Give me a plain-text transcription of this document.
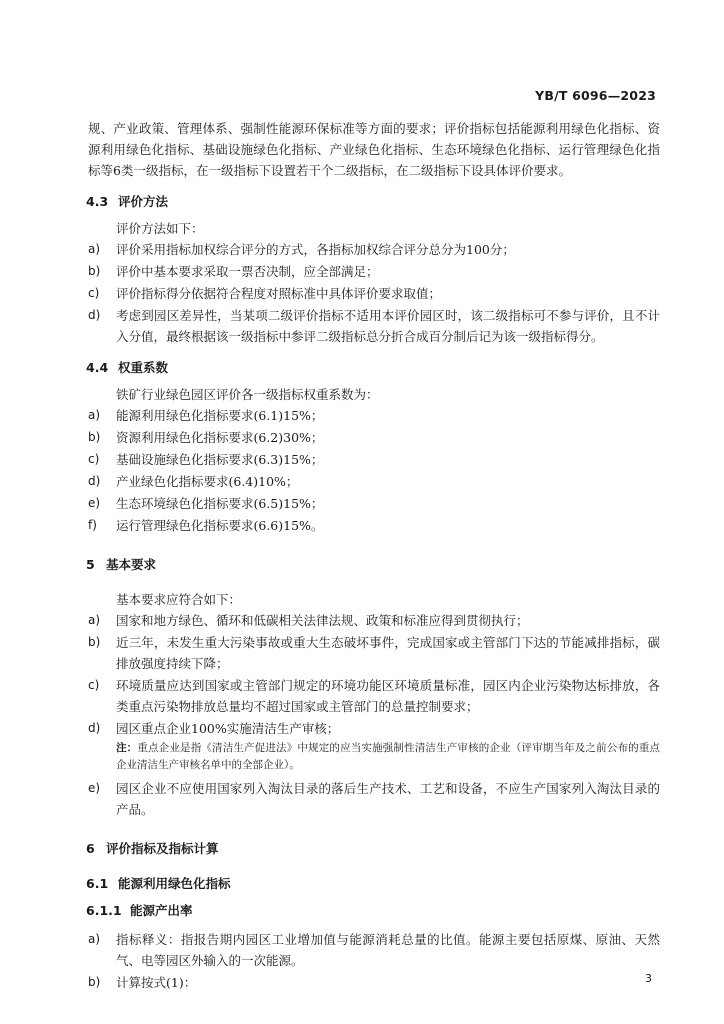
YB/T 6096—2023

规、产业政策、管理体系、强制性能源环保标准等方面的要求；评价指标包括能源利用绿色化指标、资源利用绿色化指标、基础设施绿色化指标、产业绿色化指标、生态环境绿色化指标、运行管理绿色化指标等6类一级指标，在一级指标下设置若干个二级指标，在二级指标下设具体评价要求。

4.3 评价方法

评价方法如下：

a)	评价采用指标加权综合评分的方式，各指标加权综合评分总分为100分；
b)	评价中基本要求采取一票否决制，应全部满足；
c)	评价指标得分依据符合程度对照标准中具体评价要求取值；
d)	考虑到园区差异性，当某项二级评价指标不适用本评价园区时，该二级指标可不参与评价，且不计入分值，最终根据该一级指标中参评二级指标总分折合成百分制后记为该一级指标得分。
4.4 权重系数

铁矿行业绿色园区评价各一级指标权重系数为：

a)	能源利用绿色化指标要求(6.1)15%；
b)	资源利用绿色化指标要求(6.2)30%；
c)	基础设施绿色化指标要求(6.3)15%；
d)	产业绿色化指标要求(6.4)10%；
e)	生态环境绿色化指标要求(6.5)15%；
f)	运行管理绿色化指标要求(6.6)15%。
5 基本要求

基本要求应符合如下：

a)	国家和地方绿色、循环和低碳相关法律法规、政策和标准应得到贯彻执行；
b)	近三年，未发生重大污染事故或重大生态破坏事件，完成国家或主管部门下达的节能减排指标，碳排放强度持续下降；
c)	环境质量应达到国家或主管部门规定的环境功能区环境质量标准，园区内企业污染物达标排放，各类重点污染物排放总量均不超过国家或主管部门的总量控制要求；
d)	园区重点企业100%实施清洁生产审核；

注：重点企业是指《清洁生产促进法》中规定的应当实施强制性清洁生产审核的企业（评审期当年及之前公布的重点企业清洁生产审核名单中的全部企业）。

e)	园区企业不应使用国家列入淘汰目录的落后生产技术、工艺和设备，不应生产国家列入淘汰目录的产品。
6 评价指标及指标计算
6.1 能源利用绿色化指标
6.1.1 能源产出率
a)	指标释义：指报告期内园区工业增加值与能源消耗总量的比值。能源主要包括原煤、原油、天然气、电等园区外输入的一次能源。
b)	计算按式(1)：	3
